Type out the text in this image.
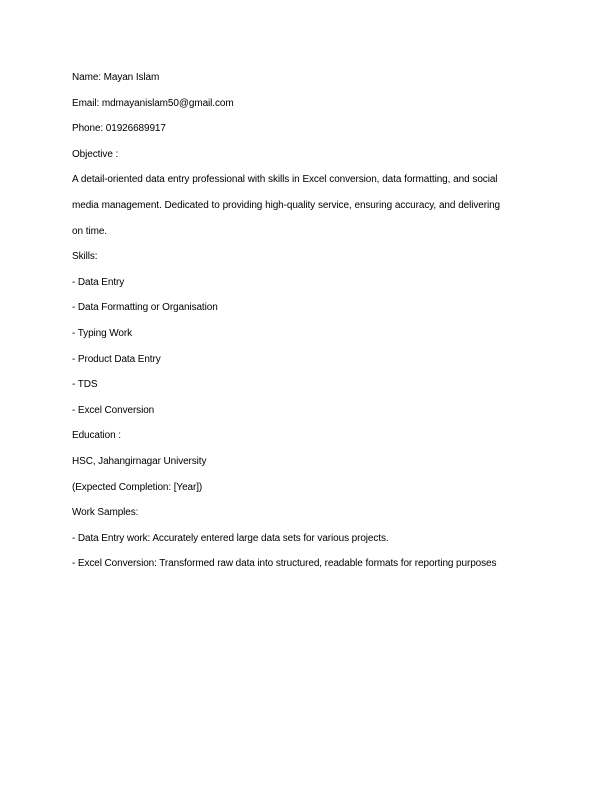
Name: Mayan Islam
Email: mdmayanislam50@gmail.com
Phone: 01926689917
Objective :
A detail-oriented data entry professional with skills in Excel conversion, data formatting, and social
media management. Dedicated to providing high-quality service, ensuring accuracy, and delivering
on time.
Skills:
- Data Entry
- Data Formatting or Organisation
- Typing Work
- Product Data Entry
- TDS
- Excel Conversion
Education :
HSC, Jahangirnagar University
(Expected Completion: [Year])
Work Samples:
- Data Entry work: Accurately entered large data sets for various projects.
- Excel Conversion: Transformed raw data into structured, readable formats for reporting purposes
